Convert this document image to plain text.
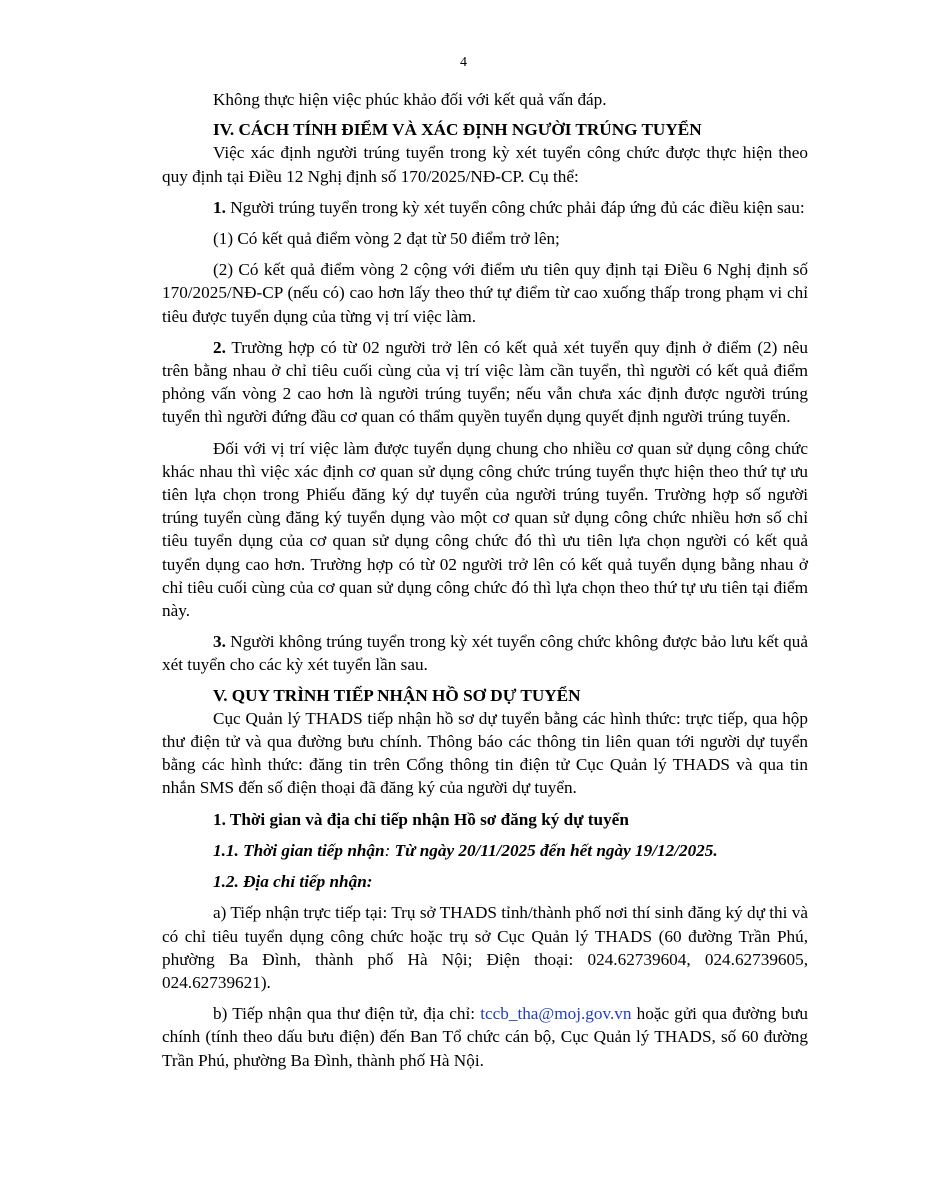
4

Không thực hiện việc phúc khảo đối với kết quả vấn đáp.

IV. CÁCH TÍNH ĐIỂM VÀ XÁC ĐỊNH NGƯỜI TRÚNG TUYỂN

Việc xác định người trúng tuyển trong kỳ xét tuyển công chức được thực hiện theo quy định tại Điều 12 Nghị định số 170/2025/NĐ-CP. Cụ thể:

1. Người trúng tuyển trong kỳ xét tuyển công chức phải đáp ứng đủ các điều kiện sau:

(1) Có kết quả điểm vòng 2 đạt từ 50 điểm trở lên;

(2) Có kết quả điểm vòng 2 cộng với điểm ưu tiên quy định tại Điều 6 Nghị định số 170/2025/NĐ-CP (nếu có) cao hơn lấy theo thứ tự điểm từ cao xuống thấp trong phạm vi chỉ tiêu được tuyển dụng của từng vị trí việc làm.

2. Trường hợp có từ 02 người trở lên có kết quả xét tuyển quy định ở điểm (2) nêu trên bằng nhau ở chỉ tiêu cuối cùng của vị trí việc làm cần tuyển, thì người có kết quả điểm phỏng vấn vòng 2 cao hơn là người trúng tuyển; nếu vẫn chưa xác định được người trúng tuyển thì người đứng đầu cơ quan có thẩm quyền tuyển dụng quyết định người trúng tuyển.

Đối với vị trí việc làm được tuyển dụng chung cho nhiều cơ quan sử dụng công chức khác nhau thì việc xác định cơ quan sử dụng công chức trúng tuyển thực hiện theo thứ tự ưu tiên lựa chọn trong Phiếu đăng ký dự tuyển của người trúng tuyển. Trường hợp số người trúng tuyển cùng đăng ký tuyển dụng vào một cơ quan sử dụng công chức nhiều hơn số chỉ tiêu tuyển dụng của cơ quan sử dụng công chức đó thì ưu tiên lựa chọn người có kết quả tuyển dụng cao hơn. Trường hợp có từ 02 người trở lên có kết quả tuyển dụng bằng nhau ở chỉ tiêu cuối cùng của cơ quan sử dụng công chức đó thì lựa chọn theo thứ tự ưu tiên tại điểm này.

3. Người không trúng tuyển trong kỳ xét tuyển công chức không được bảo lưu kết quả xét tuyển cho các kỳ xét tuyển lần sau.

V. QUY TRÌNH TIẾP NHẬN HỒ SƠ DỰ TUYỂN

Cục Quản lý THADS tiếp nhận hồ sơ dự tuyển bằng các hình thức: trực tiếp, qua hộp thư điện tử và qua đường bưu chính. Thông báo các thông tin liên quan tới người dự tuyển bằng các hình thức: đăng tin trên Cổng thông tin điện tử Cục Quản lý THADS và qua tin nhắn SMS đến số điện thoại đã đăng ký của người dự tuyển.

1. Thời gian và địa chỉ tiếp nhận Hồ sơ đăng ký dự tuyển

1.1. Thời gian tiếp nhận: Từ ngày 20/11/2025 đến hết ngày 19/12/2025.

1.2. Địa chỉ tiếp nhận:

a) Tiếp nhận trực tiếp tại: Trụ sở THADS tỉnh/thành phố nơi thí sinh đăng ký dự thi và có chỉ tiêu tuyển dụng công chức hoặc trụ sở Cục Quản lý THADS (60 đường Trần Phú, phường Ba Đình, thành phố Hà Nội; Điện thoại: 024.62739604, 024.62739605, 024.62739621).

b) Tiếp nhận qua thư điện tử, địa chỉ: tccb_tha@moj.gov.vn hoặc gửi qua đường bưu chính (tính theo dấu bưu điện) đến Ban Tổ chức cán bộ, Cục Quản lý THADS, số 60 đường Trần Phú, phường Ba Đình, thành phố Hà Nội.
